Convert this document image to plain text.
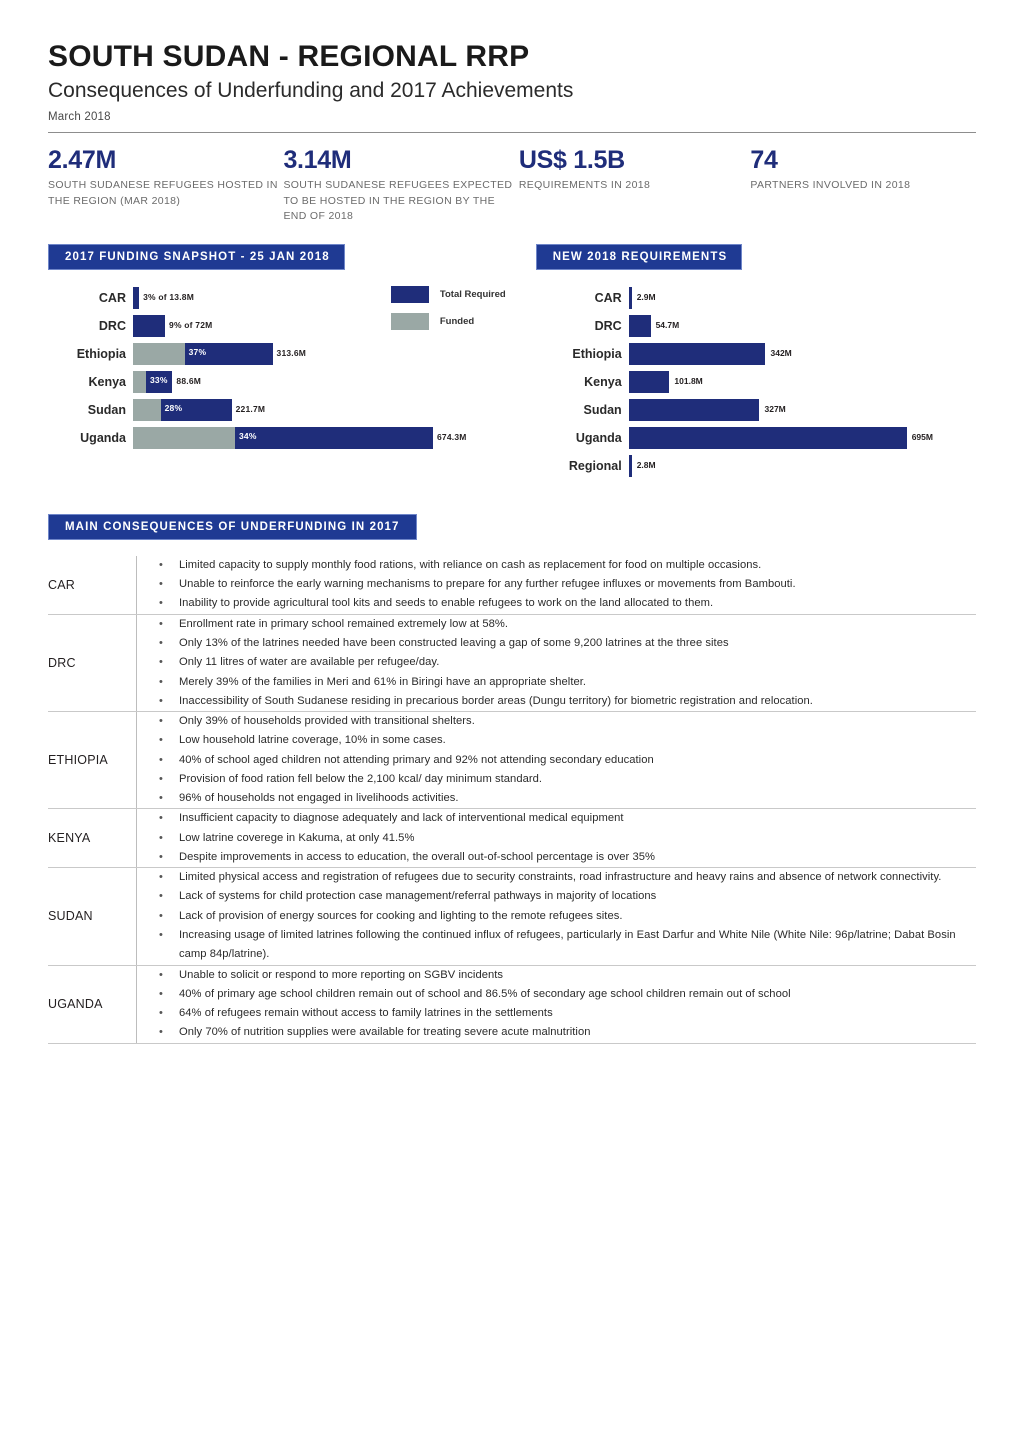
SOUTH SUDAN - REGIONAL RRP
Consequences of Underfunding and 2017 Achievements
March 2018
2.47M
SOUTH SUDANESE REFUGEES HOSTED IN THE REGION (MAR 2018)
3.14M
SOUTH SUDANESE REFUGEES EXPECTED TO BE HOSTED IN THE REGION BY THE END OF 2018
US$ 1.5B
REQUIREMENTS IN 2018
74
PARTNERS INVOLVED IN 2018
2017 FUNDING SNAPSHOT - 25 JAN 2018
Total Required
Funded
CAR	3% of 13.8M
DRC	9% of 72M
Ethiopia	37%	313.6M
Kenya	33% 88.6M
Sudan	28%	221.7M
Uganda	34%	674.3M
NEW 2018 REQUIREMENTS
CAR	2.9M
DRC	54.7M
Ethiopia	342M
Kenya	101.8M
Sudan	327M
Uganda	695M
Regional	2.8M
MAIN CONSEQUENCES OF UNDERFUNDING IN 2017
CAR	
• Limited capacity to supply monthly food rations, with reliance on cash as replacement for food on multiple occasions.
• Unable to reinforce the early warning mechanisms to prepare for any further refugee influxes or movements from Bambouti.
• Inability to provide agricultural tool kits and seeds to enable refugees to work on the land allocated to them.

DRC	
• Enrollment rate in primary school remained extremely low at 58%.
• Only 13% of the latrines needed have been constructed leaving a gap of some 9,200 latrines at the three sites
• Only 11 litres of water are available per refugee/day.
• Merely 39% of the families in Meri and 61% in Biringi have an appropriate shelter.
• Inaccessibility of South Sudanese residing in precarious border areas (Dungu territory) for biometric registration and relocation.

ETHIOPIA	
• Only 39% of households provided with transitional shelters.
• Low household latrine coverage, 10% in some cases.
• 40% of school aged children not attending primary and 92% not attending secondary education
• Provision of food ration fell below the 2,100 kcal/ day minimum standard.
• 96% of households not engaged in livelihoods activities.

KENYA	
• Insufficient capacity to diagnose adequately and lack of interventional medical equipment
• Low latrine coverege in Kakuma, at only 41.5%
• Despite improvements in access to education, the overall out-of-school percentage is over 35%

SUDAN	
• Limited physical access and registration of refugees due to security constraints, road infrastructure and heavy rains and absence of network connectivity.
• Lack of systems for child protection case management/referral pathways in majority of locations
• Lack of provision of energy sources for cooking and lighting to the remote refugees sites.
• Increasing usage of limited latrines following the continued influx of refugees, particularly in East Darfur and White Nile (White Nile: 96p/latrine; Dabat Bosin camp 84p/latrine).

UGANDA	
• Unable to solicit or respond to more reporting on SGBV incidents
• 40% of primary age school children remain out of school and 86.5% of secondary age school children remain out of school
• 64% of refugees remain without access to family latrines in the settlements
• Only 70% of nutrition supplies were available for treating severe acute malnutrition
